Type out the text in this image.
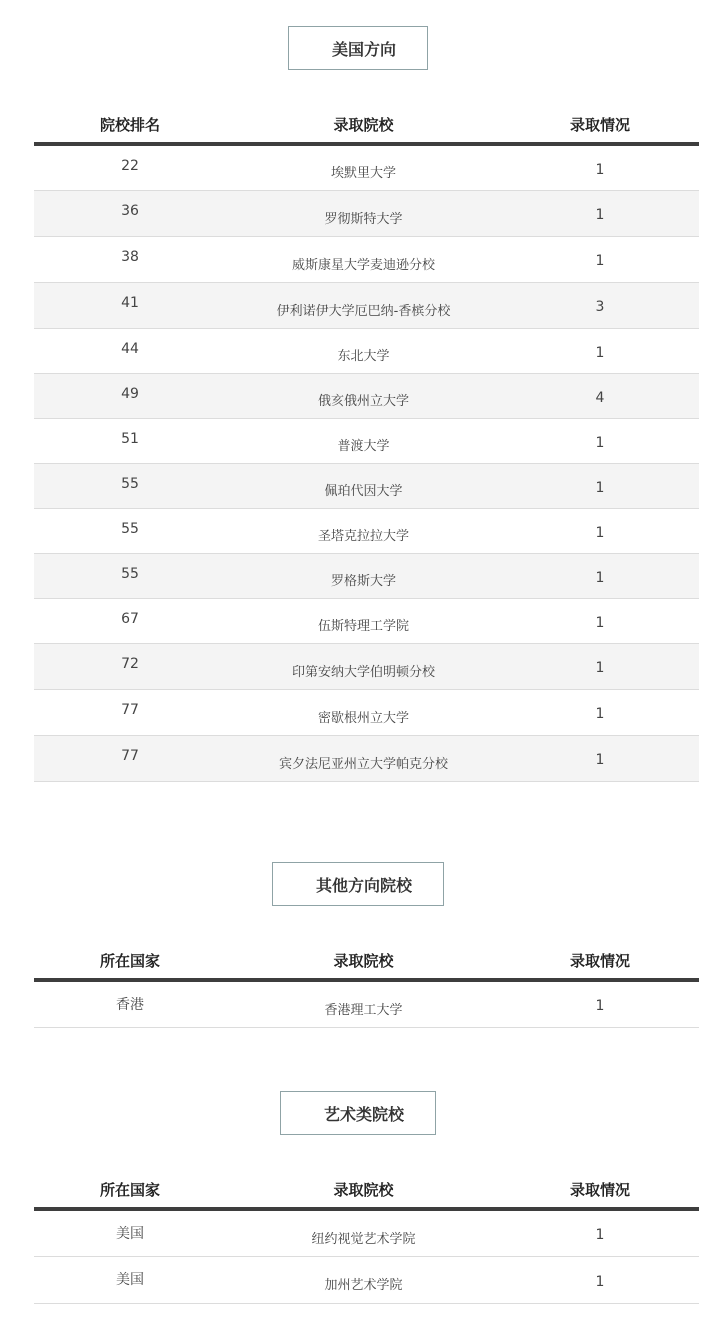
美国方向
院校排名	录取院校	录取情况
22	埃默里大学	1
36	罗彻斯特大学	1
38	威斯康星大学麦迪逊分校	1
41	伊利诺伊大学厄巴纳-香槟分校	3
44	东北大学	1
49	俄亥俄州立大学	4
51	普渡大学	1
55	佩珀代因大学	1
55	圣塔克拉拉大学	1
55	罗格斯大学	1
67	伍斯特理工学院	1
72	印第安纳大学伯明顿分校	1
77	密歇根州立大学	1
77	宾夕法尼亚州立大学帕克分校	1
其他方向院校
所在国家	录取院校	录取情况
香港	香港理工大学	1
艺术类院校
所在国家	录取院校	录取情况
美国	纽约视觉艺术学院	1
美国	加州艺术学院	1
